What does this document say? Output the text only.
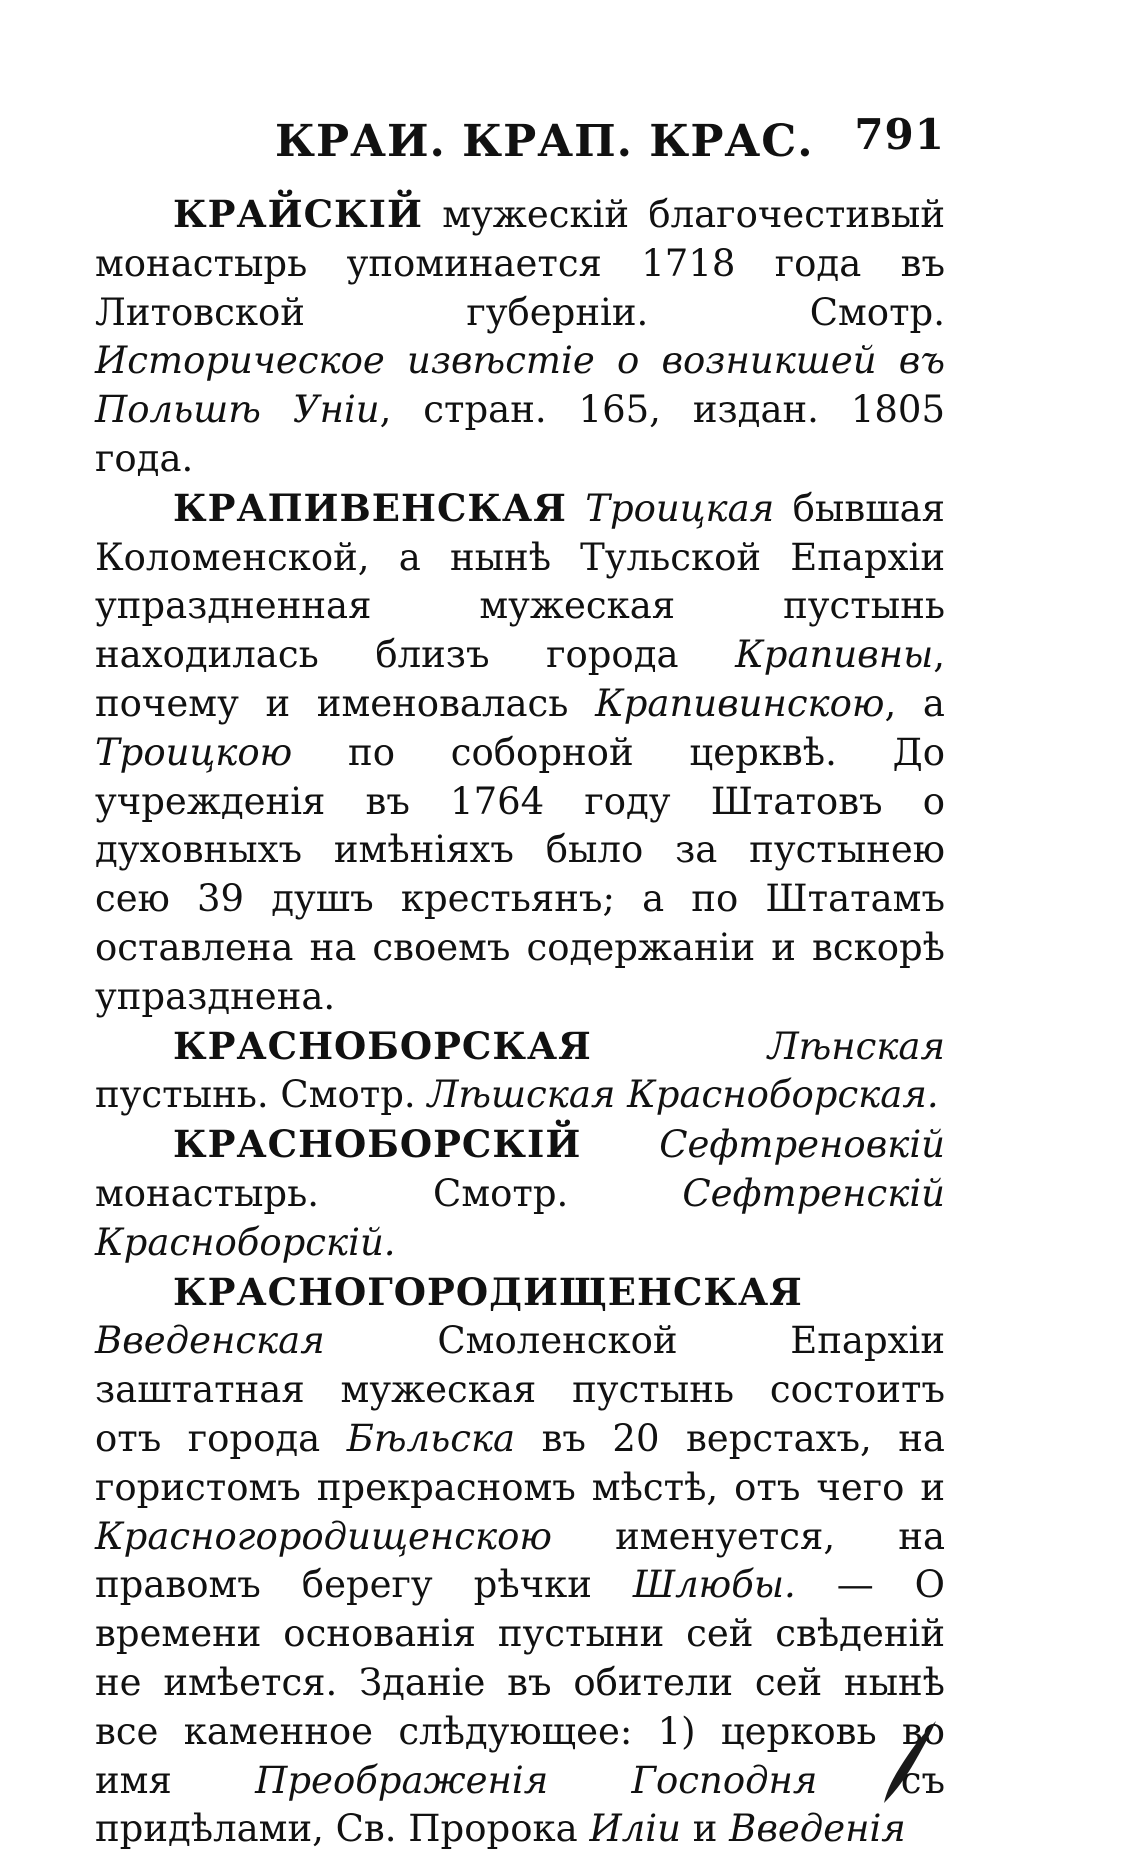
КРАИ. КРАП. КРАС. 791

КРАЙСКІЙ мужескій благочестивый монастырь упоминается 1718 года въ Литовской губерніи. Смотр. Историческое извѣстіе о возникшей въ Польшѣ Уніи, стран. 165, издан. 1805 года.

КРАПИВЕНСКАЯ Троицкая бывшая Коломенской, а нынѣ Тульской Епархіи упраздненная мужеская пустынь находилась близъ города Крапивны, почему и именовалась Крапивинскою, а Троицкою по соборной церквѣ. До учрежденія въ 1764 году Штатовъ о духовныхъ имѣніяхъ было за пустынею сею 39 душъ крестьянъ; а по Штатамъ оставлена на своемъ содержаніи и вскорѣ упразднена.

КРАСНОБОРСКАЯ	Лѣнская пустынь. Смотр. Лѣшская Красноборская.

КРАСНОБОРСКІЙ Сефтреновкій монастырь. Смотр. Сефтренскій Красноборскій.

КРАСНОГОРОДИЩЕНСКАЯ Введенская Смоленской Епархіи заштатная мужеская пустынь состоитъ отъ города Бѣльска въ 20 верстахъ, на гористомъ прекрасномъ мѣстѣ, отъ чего и Красногородищенскою именуется, на правомъ берегу рѣчки Шлюбы. — О времени основанія пустыни сей свѣденій не имѣется. Зданіе въ обители сей нынѣ все каменное слѣдующее: 1) церковь во имя Преображенія Господня съ придѣлами, Св. Пророка Иліи и Введенія
